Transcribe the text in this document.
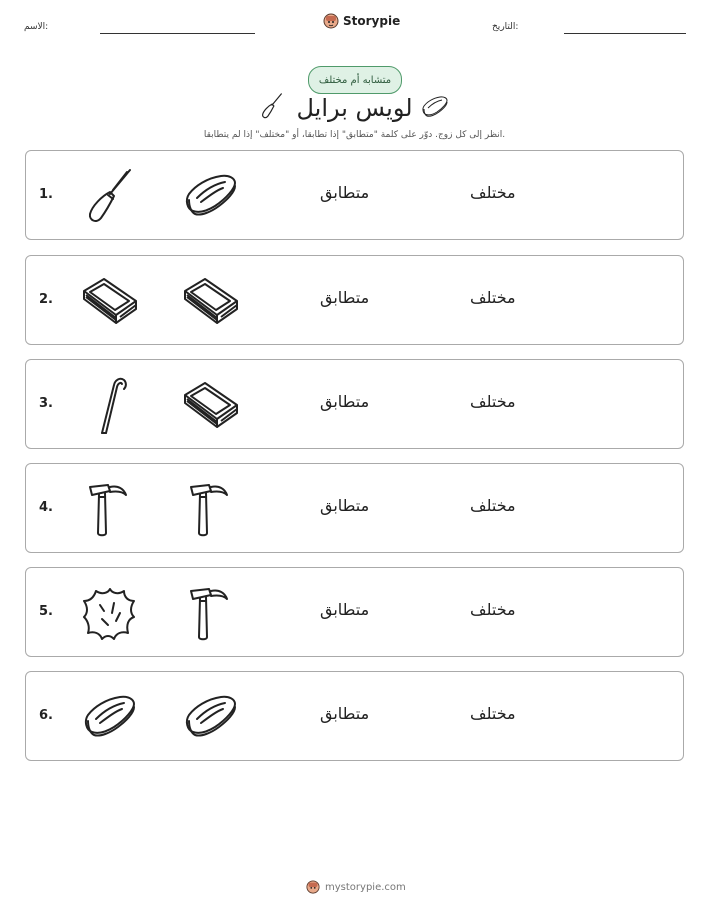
الاسم:	Storypie	التاريخ:
متشابه أم مختلف
لويس برايل
انظر إلى كل زوج. دوّر على كلمة "متطابق" إذا تطابقا، أو "مختلف" إذا لم يتطابقا.
1.	متطابق	مختلف
2.	متطابق	مختلف
3.	متطابق	مختلف
4.	متطابق	مختلف
5.	متطابق	مختلف
6.	متطابق	مختلف
mystorypie.com
